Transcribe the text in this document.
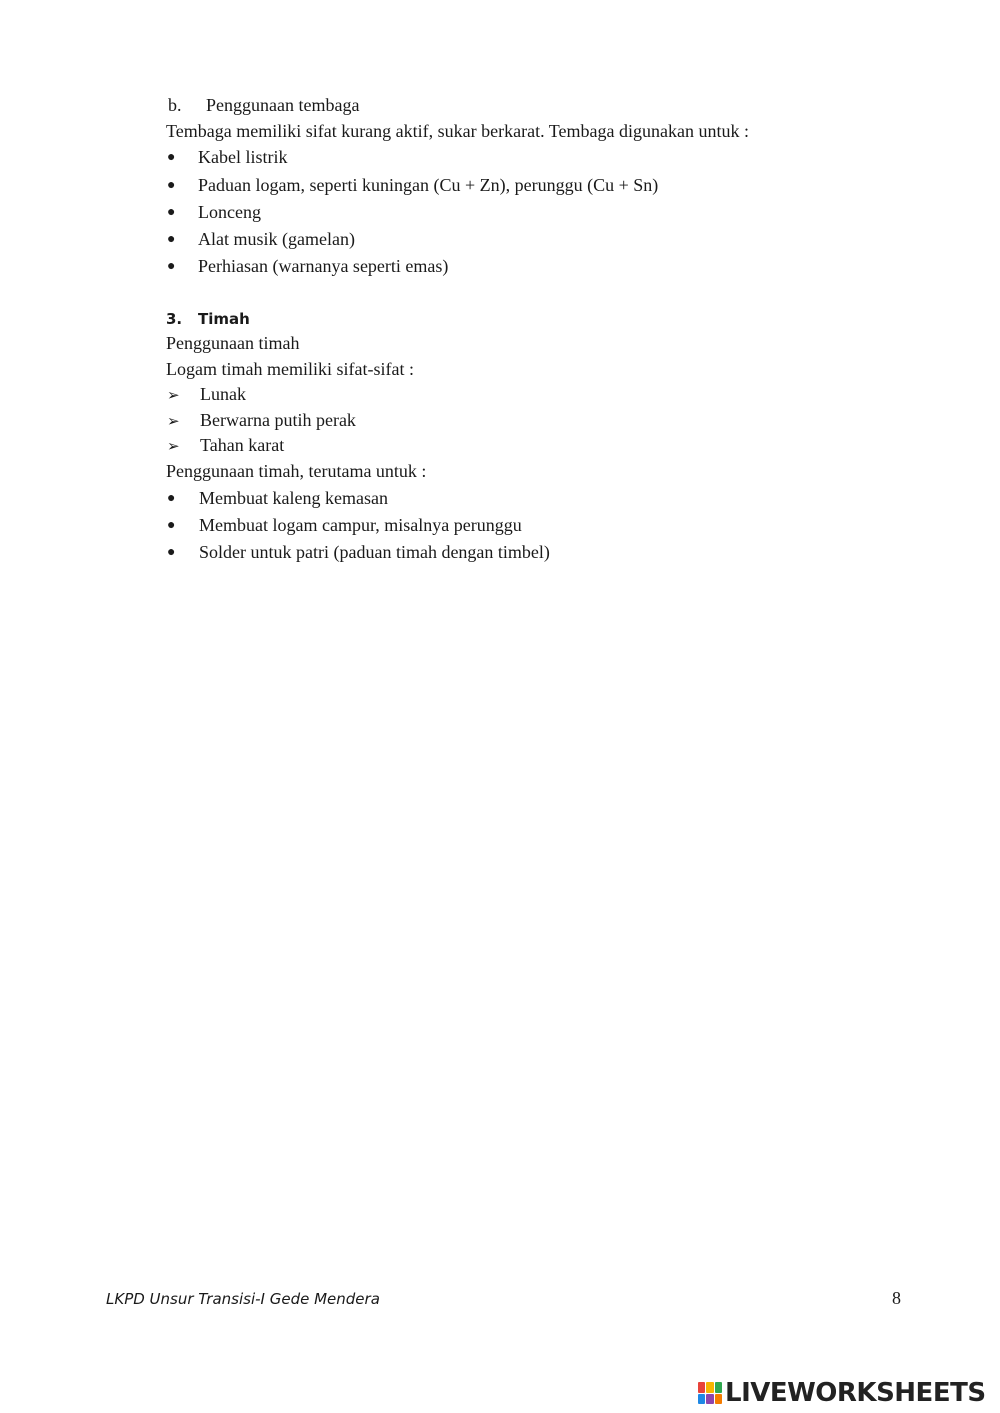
b. Penggunaan tembaga
Tembaga memiliki sifat kurang aktif, sukar berkarat. Tembaga digunakan untuk :
● Kabel listrik
● Paduan logam, seperti kuningan (Cu + Zn), perunggu (Cu + Sn)
● Lonceng
● Alat musik (gamelan)
● Perhiasan (warnanya seperti emas)
3. Timah
Penggunaan timah
Logam timah memiliki sifat-sifat :
➢ Lunak
➢ Berwarna putih perak
➢ Tahan karat
Penggunaan timah, terutama untuk :
● Membuat kaleng kemasan
● Membuat logam campur, misalnya perunggu
● Solder untuk patri (paduan timah dengan timbel)
LKPD Unsur Transisi-I Gede Mendera	8
LIVEWORKSHEETS
